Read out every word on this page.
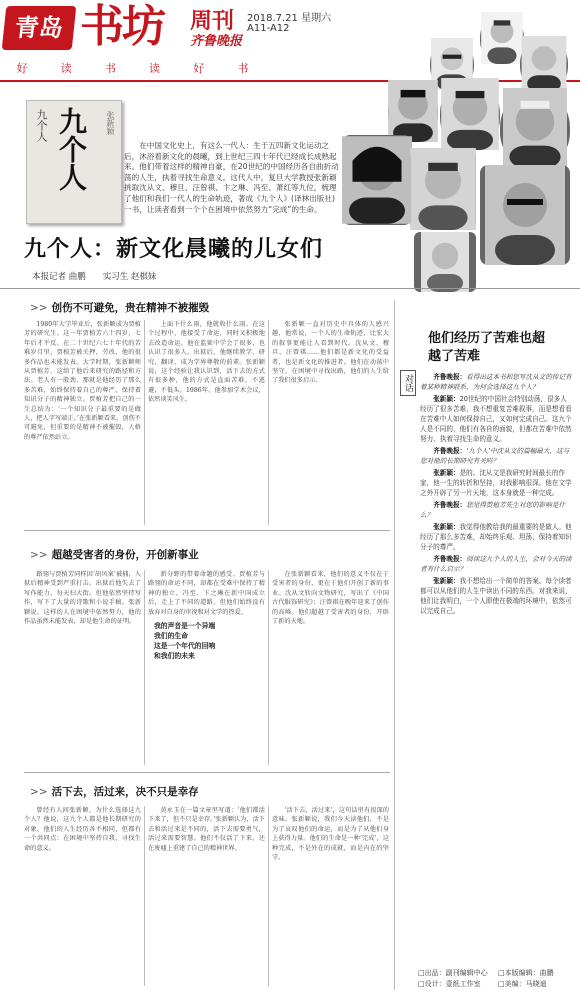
青岛 书坊 周刊
齐鲁晚报
2018.7.21 星期六
A11-A12
好	读	书	读	好	书
九个人 九个人 张新颖
在中国文化史上，有这么一代人：生于五四新文化运动之后，沐浴着新文化的晨曦，到上世纪三四十年代已经成长成熟起来。他们带着这样的精神自豪，在20世纪的中国经历各自曲折动荡的人生，执着寻找生命意义。这代人中，复旦大学教授张新颖挑取沈从文、穆旦、汪曾祺、卞之琳、冯至、萧红等九位，梳理了他们和我们一代人的生命轨迹，著成《九个人》(译林出版社)一书，让读者看到一个个在困境中依然努力“完成”的生命。
九个人：新文化晨曦的儿女们
本报记者 曲鹏　　实习生 赵棋妹
>> 创伤不可避免，贵在精神不被摧毁

1980年大学毕业后，张新颖成为贾植芳的研究生。这一年贾植芳六十四岁，七年后才平反。在二十世纪六七十年代的苦难岁月里，贾植芳被关押，劳改，他的很多作品也未能发表。大学时期，张新颖师从贾植芳，这给了他后来研究的路径和方法。老人有一股劲，那就是他经历了那么多苦难，始终保持着自己的尊严，保持着知识分子的精神独立。贾植芳把自己的一生总结为：‘一个知识分子最重要的是做人，把人字写端正。’在张新颖看来，创伤不可避免，但重要的是精神不被摧毁，人格的尊严依然站立。

上面下什么雨，他就收什么雨。在这个过程中，他接受了命运，同时又积极地去改造命运。他在监狱中学会了很多，也认识了很多人。出狱后，他继续教学、研究、翻译，成为学界尊敬的前辈。张新颖说，这个经验让我认识到，活下去的方式有很多种，他的方式是直面苦难，不逃避，不低头。1986年，他参加学术会议，依然谈笑风生。

张新颖一直对历史中具体的人感兴趣，他常说，一个人的生命轨迹，比宏大的叙事更能让人看到时代。沈从文、穆旦、汪曾祺……他们都是新文化的受益者，也是新文化的推进者。他们在动荡中坚守，在困境中寻找出路，他们的人生给了我们很多启示。

>> 超越受害者的身份，开创新事业

路翎与贾植芳同样因‘胡风案’被捕，入狱后精神受到严重打击。出狱后他失去了写作能力，每天扫大街。但他依然坚持写作，写下了大量的诗歌和小说手稿。张新颖说，这样的人在困境中依然努力，他的作品虽然未能发表，却是他生命的证明。

新分野的带着命题的感受。贾植芳与路翎的命运不同，却都在受难中保持了精神的独立。冯至、卞之琳在新中国成立后，走上了不同的道路，但他们始终没有放弃对自身的审视和对文学的热爱。

我的声音是一个异端
我们的生命
这是一个年代的回响
和我们的未来

在张新颖看来，他们的意义不仅在于受害者的身份，更在于他们开创了新的事业。沈从文转向文物研究，写出了《中国古代服饰研究》；汪曾祺在晚年迎来了创作的高峰。他们超越了受害者的身份，开辟了新的天地。

>> 活下去，活过来，决不只是幸存

曾经有人问张新颖，为什么选择这九个人？他说，这九个人都是他长期研究的对象，他们的人生经历各不相同，但都有一个共同点：在困境中坚持自我，寻找生命的意义。

黄永玉在一篇文章里写道：‘他们都活下来了，但不只是幸存。’张新颖认为，活下去和活过来是不同的，活下去需要勇气，活过来需要智慧。他们不仅活了下来，还在废墟上重建了自己的精神世界。

‘活下去，活过来’，这句话里有很深的意味。张新颖说，我们今天读他们，不是为了哀叹他们的命运，而是为了从他们身上获得力量。他们的生命是一种‘完成’，这种完成，不是外在的成就，而是内在的坚守。

他们经历了苦难也超越了苦难
对话	齐鲁晚报：看得出这本书和您写沈从文的传记有着某种精神联系，为何会选择这九个人？

张新颖：20世纪的中国社会特别动荡，很多人经历了很多苦难，我不想重复苦难叙事，而是想看看在苦难中人如何保持自己，又如何完成自己。这九个人是不同的，他们有各自的面貌，但都在苦难中依然努力，执着寻找生命的意义。

齐鲁晚报：‘九个人’中沈从文的篇幅最大，这与您对他的长期研究有关吗？

张新颖：是的。沈从文是我研究时间最长的作家，他一生的转折和坚持，对我影响很深。他在文学之外开辟了另一片天地，这本身就是一种完成。

齐鲁晚报：您觉得贾植芳先生对您的影响是什么？

张新颖：我觉得他教给我的最重要的是做人。他经历了那么多苦难，却始终乐观、坦荡，保持着知识分子的尊严。

齐鲁晚报：阅读这九个人的人生，会对今天的读者有什么启示？

张新颖：我不想给出一个简单的答案。每个读者都可以从他们的人生中读出不同的东西。对我来说，他们让我明白，一个人即使在极端的环境中，依然可以完成自己。

□出品：副刊编辑中心	□本版编辑：曲鹏
□设计：壹纸工作室	□美编：马晓迪
